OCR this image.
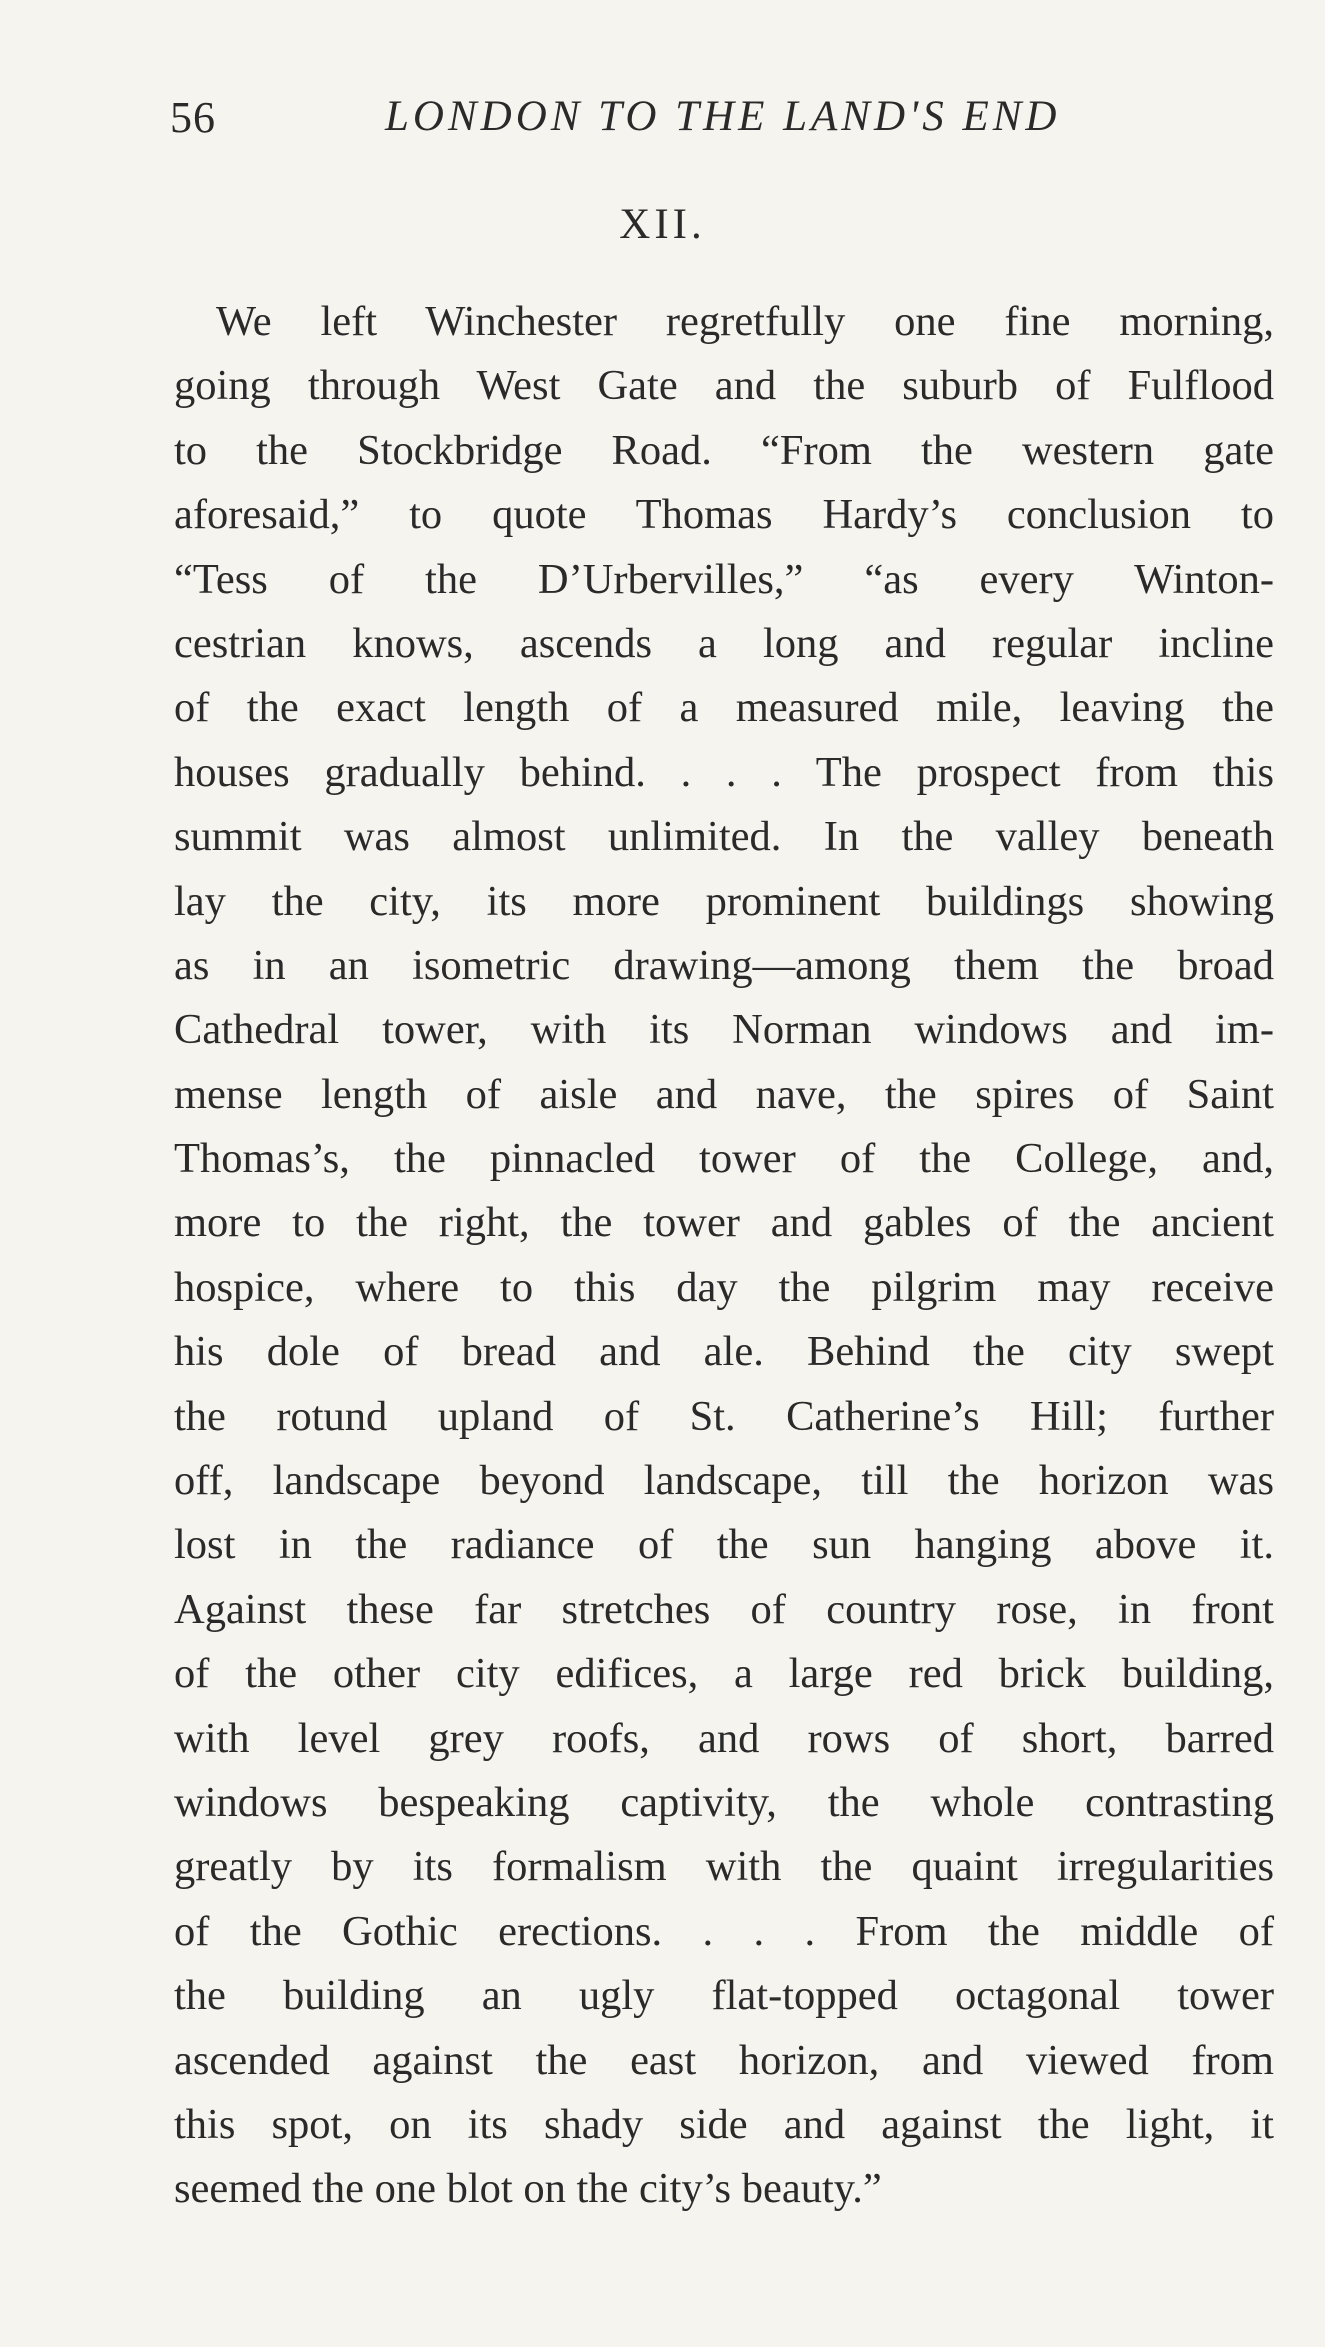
56	LONDON TO THE LAND'S END
XII.
We left Winchester regretfully one fine morning,
going through West Gate and the suburb of Fulflood
to the Stockbridge Road. “From the western gate
aforesaid,” to quote Thomas Hardy’s conclusion to
“Tess of the D’Urbervilles,” “as every Winton-
cestrian knows, ascends a long and regular incline
of the exact length of a measured mile, leaving the
houses gradually behind. . . . The prospect from this
summit was almost unlimited. In the valley beneath
lay the city, its more prominent buildings showing
as in an isometric drawing—among them the broad
Cathedral tower, with its Norman windows and im-
mense length of aisle and nave, the spires of Saint
Thomas’s, the pinnacled tower of the College, and,
more to the right, the tower and gables of the ancient
hospice, where to this day the pilgrim may receive
his dole of bread and ale. Behind the city swept
the rotund upland of St. Catherine’s Hill; further
off, landscape beyond landscape, till the horizon was
lost in the radiance of the sun hanging above it.
Against these far stretches of country rose, in front
of the other city edifices, a large red brick building,
with level grey roofs, and rows of short, barred
windows bespeaking captivity, the whole contrasting
greatly by its formalism with the quaint irregularities
of the Gothic erections. . . . From the middle of
the building an ugly flat-topped octagonal tower
ascended against the east horizon, and viewed from
this spot, on its shady side and against the light, it
seemed the one blot on the city’s beauty.”
